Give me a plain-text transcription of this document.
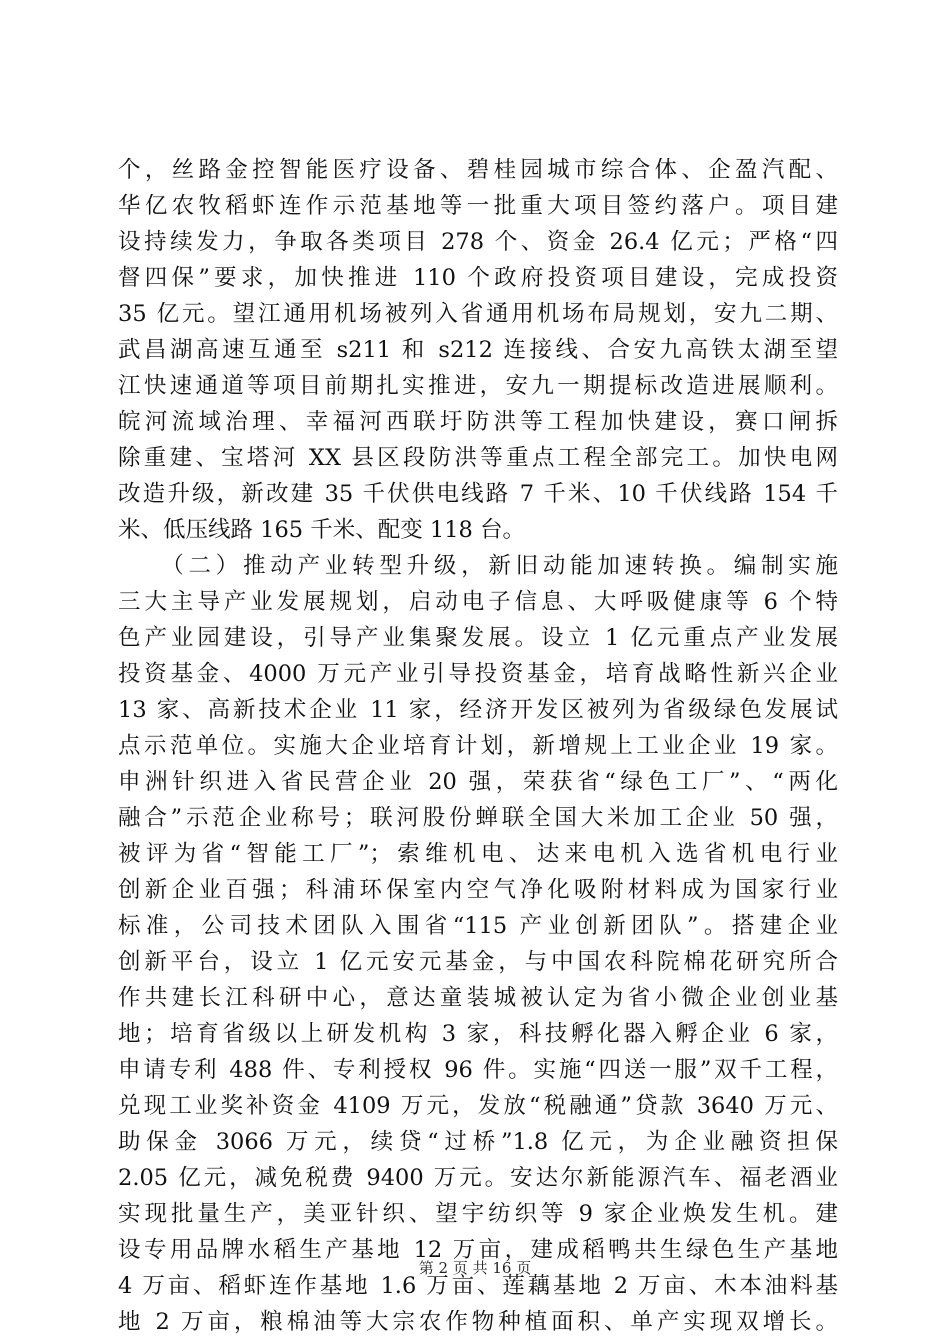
个，丝路金控智能医疗设备、碧桂园城市综合体、企盈汽配、
华亿农牧稻虾连作示范基地等一批重大项目签约落户。项目建
设持续发力，争取各类项目 278 个、资金 26.4 亿元；严格“四
督四保”要求，加快推进 110 个政府投资项目建设，完成投资
35 亿元。望江通用机场被列入省通用机场布局规划，安九二期、
武昌湖高速互通至 s211 和 s212 连接线、合安九高铁太湖至望
江快速通道等项目前期扎实推进，安九一期提标改造进展顺利。
皖河流域治理、幸福河西联圩防洪等工程加快建设，赛口闸拆
除重建、宝塔河 XX 县区段防洪等重点工程全部完工。加快电网
改造升级，新改建 35 千伏供电线路 7 千米、10 千伏线路 154 千
米、低压线路 165 千米、配变 118 台。
　　（二）推动产业转型升级，新旧动能加速转换。编制实施
三大主导产业发展规划，启动电子信息、大呼吸健康等 6 个特
色产业园建设，引导产业集聚发展。设立 1 亿元重点产业发展
投资基金、4000 万元产业引导投资基金，培育战略性新兴企业
13 家、高新技术企业 11 家，经济开发区被列为省级绿色发展试
点示范单位。实施大企业培育计划，新增规上工业企业 19 家。
申洲针织进入省民营企业 20 强，荣获省“绿色工厂”、“两化
融合”示范企业称号；联河股份蝉联全国大米加工企业 50 强，
被评为省“智能工厂”；索维机电、达来电机入选省机电行业
创新企业百强；科浦环保室内空气净化吸附材料成为国家行业
标准，公司技术团队入围省“115 产业创新团队”。搭建企业
创新平台，设立 1 亿元安元基金，与中国农科院棉花研究所合
作共建长江科研中心，意达童装城被认定为省小微企业创业基
地；培育省级以上研发机构 3 家，科技孵化器入孵企业 6 家，
申请专利 488 件、专利授权 96 件。实施“四送一服”双千工程，
兑现工业奖补资金 4109 万元，发放“税融通”贷款 3640 万元、
助保金 3066 万元，续贷“过桥”1.8 亿元，为企业融资担保
2.05 亿元，减免税费 9400 万元。安达尔新能源汽车、福老酒业
实现批量生产，美亚针织、望宇纺织等 9 家企业焕发生机。建
设专用品牌水稻生产基地 12 万亩，建成稻鸭共生绿色生产基地
4 万亩、稻虾连作基地 1.6 万亩、莲藕基地 2 万亩、木本油料基
地 2 万亩，粮棉油等大宗农作物种植面积、单产实现双增长。
第 2 页 共 16 页
